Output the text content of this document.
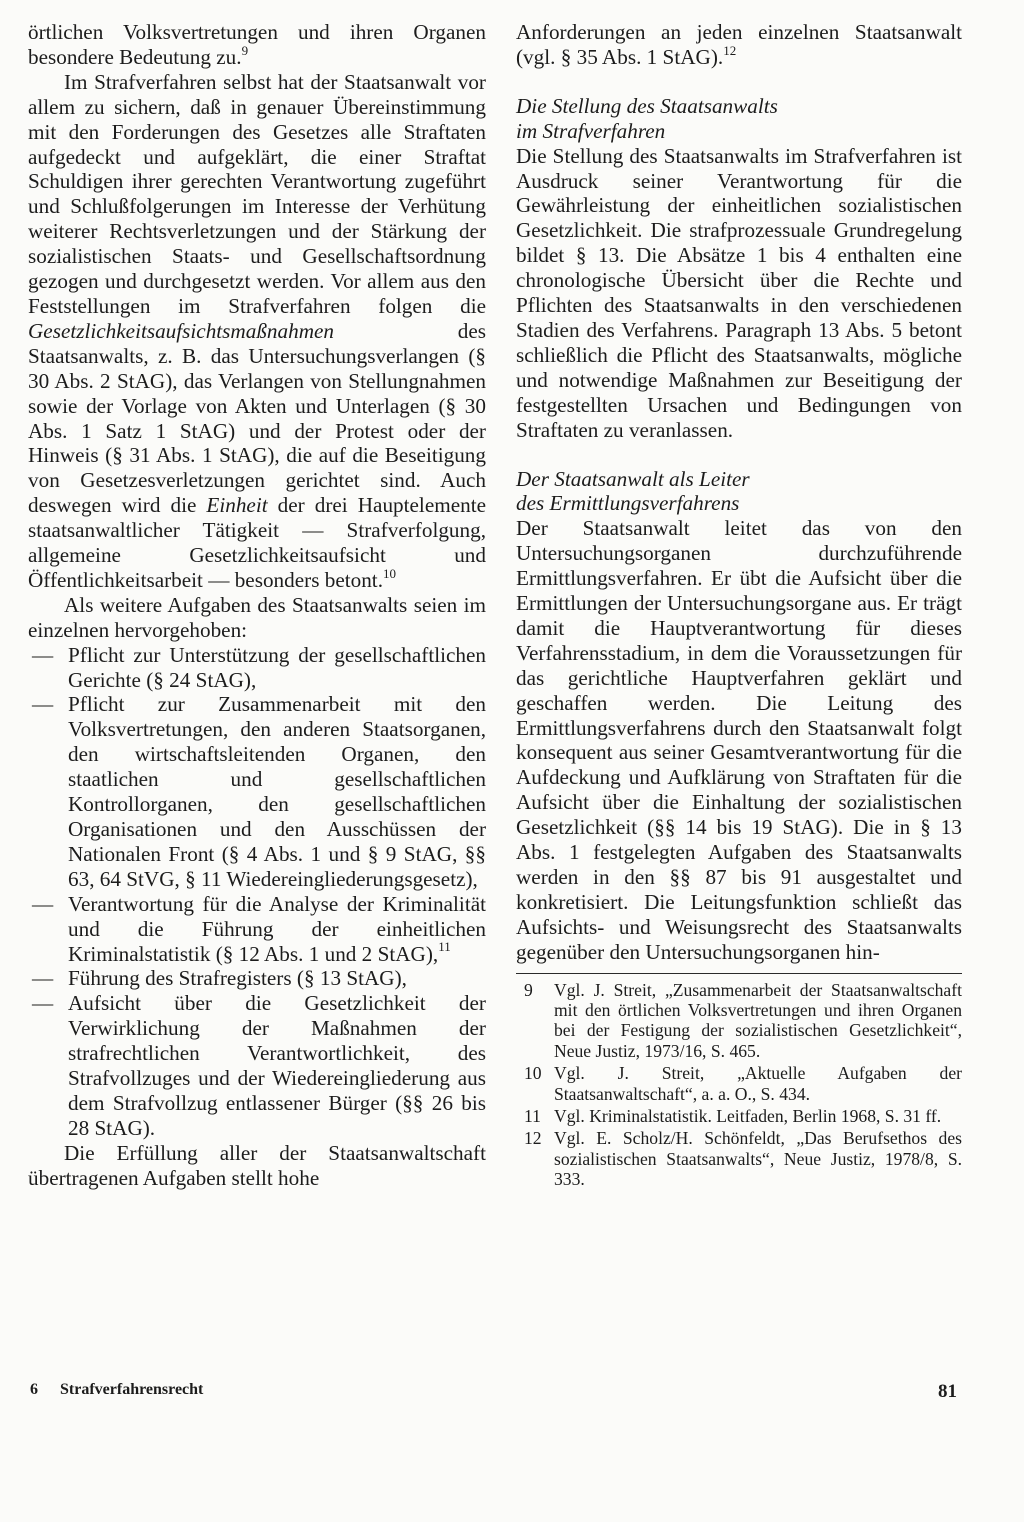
örtlichen Volksvertretungen und ihren Organen besondere Bedeutung zu.$^9$

Im Strafverfahren selbst hat der Staatsanwalt vor allem zu sichern, daß in genauer Übereinstimmung mit den Forderungen des Gesetzes alle Straftaten aufgedeckt und aufgeklärt, die einer Straftat Schuldigen ihrer gerechten Verantwortung zugeführt und Schlußfolgerungen im Interesse der Verhütung weiterer Rechtsverletzungen und der Stärkung der sozialistischen Staats- und Gesellschaftsordnung gezogen und durchgesetzt werden. Vor allem aus den Feststellungen im Strafverfahren folgen die Gesetzlichkeitsaufsichtsmaßnahmen des Staatsanwalts, z. B. das Untersuchungsverlangen (§ 30 Abs. 2 StAG), das Verlangen von Stellungnahmen sowie der Vorlage von Akten und Unterlagen (§ 30 Abs. 1 Satz 1 StAG) und der Protest oder der Hinweis (§ 31 Abs. 1 StAG), die auf die Beseitigung von Gesetzesverletzungen gerichtet sind. Auch deswegen wird die Einheit der drei Hauptelemente staatsanwaltlicher Tätigkeit — Strafverfolgung, allgemeine Gesetzlichkeitsaufsicht und Öffentlichkeitsarbeit — besonders betont.$^{10}$

Als weitere Aufgaben des Staatsanwalts seien im einzelnen hervorgehoben:

— Pflicht zur Unterstützung der gesellschaftlichen Gerichte (§ 24 StAG),
— Pflicht zur Zusammenarbeit mit den Volksvertretungen, den anderen Staatsorganen, den wirtschaftsleitenden Organen, den staatlichen und gesellschaftlichen Kontrollorganen, den gesellschaftlichen Organisationen und den Ausschüssen der Nationalen Front (§ 4 Abs. 1 und § 9 StAG, §§ 63, 64 StVG, § 11 Wiedereingliederungsgesetz),
— Verantwortung für die Analyse der Kriminalität und die Führung der einheitlichen Kriminalstatistik (§ 12 Abs. 1 und 2 StAG),$^{11}$
— Führung des Strafregisters (§ 13 StAG),
— Aufsicht über die Gesetzlichkeit der Verwirklichung der Maßnahmen der strafrechtlichen Verantwortlichkeit, des Strafvollzuges und der Wiedereingliederung aus dem Strafvollzug entlassener Bürger (§§ 26 bis 28 StAG).

Die Erfüllung aller der Staatsanwaltschaft übertragenen Aufgaben stellt hohe

Anforderungen an jeden einzelnen Staatsanwalt (vgl. § 35 Abs. 1 StAG).$^{12}$

Die Stellung des Staatsanwalts
im Strafverfahren

Die Stellung des Staatsanwalts im Strafverfahren ist Ausdruck seiner Verantwortung für die Gewährleistung der einheitlichen sozialistischen Gesetzlichkeit. Die strafprozessuale Grundregelung bildet § 13. Die Absätze 1 bis 4 enthalten eine chronologische Übersicht über die Rechte und Pflichten des Staatsanwalts in den verschiedenen Stadien des Verfahrens. Paragraph 13 Abs. 5 betont schließlich die Pflicht des Staatsanwalts, mögliche und notwendige Maßnahmen zur Beseitigung der festgestellten Ursachen und Bedingungen von Straftaten zu veranlassen.

Der Staatsanwalt als Leiter
des Ermittlungsverfahrens

Der Staatsanwalt leitet das von den Untersuchungsorganen durchzuführende Ermittlungsverfahren. Er übt die Aufsicht über die Ermittlungen der Untersuchungsorgane aus. Er trägt damit die Hauptverantwortung für dieses Verfahrensstadium, in dem die Voraussetzungen für das gerichtliche Hauptverfahren geklärt und geschaffen werden. Die Leitung des Ermittlungsverfahrens durch den Staatsanwalt folgt konsequent aus seiner Gesamtverantwortung für die Aufdeckung und Aufklärung von Straftaten für die Aufsicht über die Einhaltung der sozialistischen Gesetzlichkeit (§§ 14 bis 19 StAG). Die in § 13 Abs. 1 festgelegten Aufgaben des Staatsanwalts werden in den §§ 87 bis 91 ausgestaltet und konkretisiert. Die Leitungsfunktion schließt das Aufsichts- und Weisungsrecht des Staatsanwalts gegenüber den Untersuchungsorganen hin-

9 Vgl. J. Streit, „Zusammenarbeit der Staatsanwaltschaft mit den örtlichen Volksvertretungen und ihren Organen bei der Festigung der sozialistischen Gesetzlichkeit“, Neue Justiz, 1973/16, S. 465.
10 Vgl. J. Streit, „Aktuelle Aufgaben der Staatsanwaltschaft“, a. a. O., S. 434.
11 Vgl. Kriminalstatistik. Leitfaden, Berlin 1968, S. 31 ff.
12 Vgl. E. Scholz/H. Schönfeldt, „Das Berufsethos des sozialistischen Staatsanwalts“, Neue Justiz, 1978/8, S. 333.
6 Strafverfahrensrecht	81
